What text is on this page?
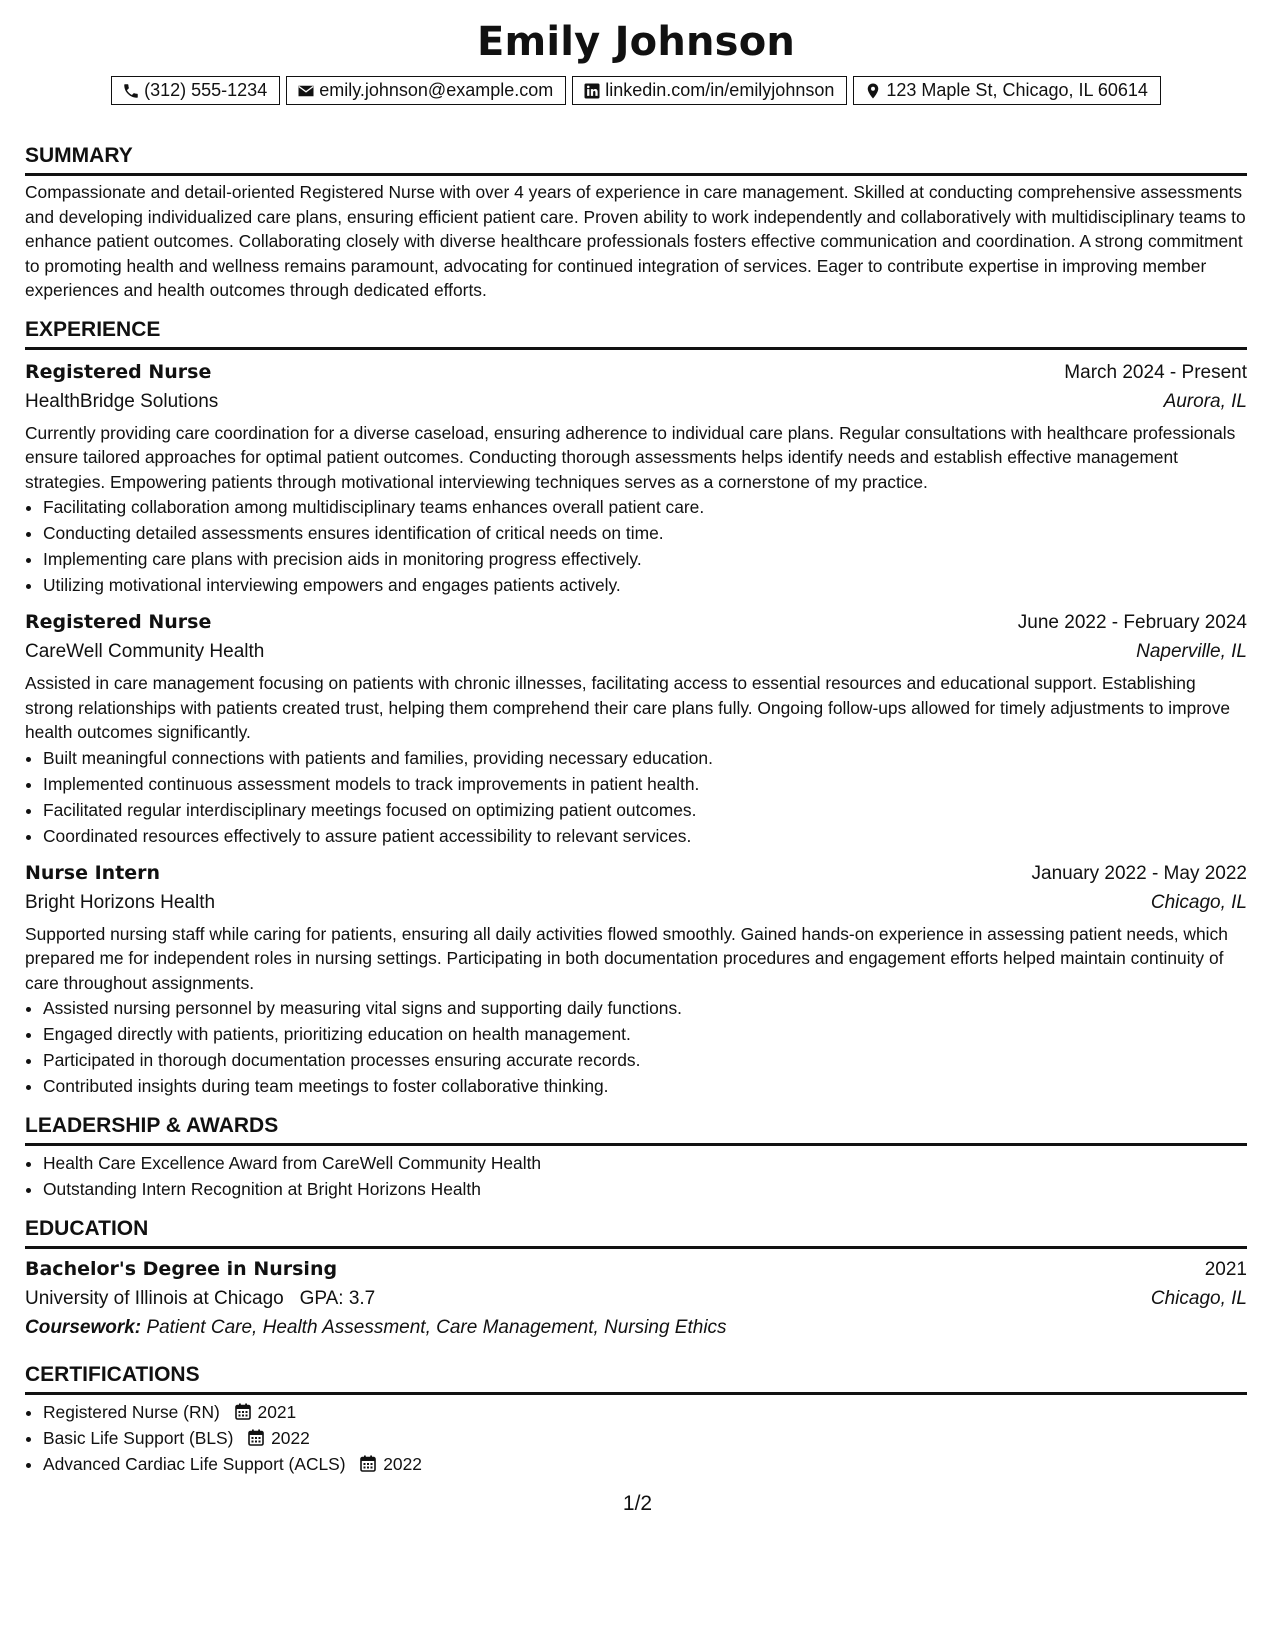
Emily Johnson
(312) 555-1234	emily.johnson@example.com	linkedin.com/in/emilyjohnson	123 Maple St, Chicago, IL 60614
SUMMARY

Compassionate and detail-oriented Registered Nurse with over 4 years of experience in care management. Skilled at conducting comprehensive assessments and developing individualized care plans, ensuring efficient patient care. Proven ability to work independently and collaboratively with multidisciplinary teams to enhance patient outcomes. Collaborating closely with diverse healthcare professionals fosters effective communication and coordination. A strong commitment to promoting health and wellness remains paramount, advocating for continued integration of services. Eager to contribute expertise in improving member experiences and health outcomes through dedicated efforts.

EXPERIENCE
Registered Nurse	March 2024 - Present
HealthBridge Solutions	Aurora, IL

Currently providing care coordination for a diverse caseload, ensuring adherence to individual care plans. Regular consultations with healthcare professionals ensure tailored approaches for optimal patient outcomes. Conducting thorough assessments helps identify needs and establish effective management strategies. Empowering patients through motivational interviewing techniques serves as a cornerstone of my practice.

• Facilitating collaboration among multidisciplinary teams enhances overall patient care.
• Conducting detailed assessments ensures identification of critical needs on time.
• Implementing care plans with precision aids in monitoring progress effectively.
• Utilizing motivational interviewing empowers and engages patients actively.
Registered Nurse	June 2022 - February 2024
CareWell Community Health	Naperville, IL

Assisted in care management focusing on patients with chronic illnesses, facilitating access to essential resources and educational support. Establishing strong relationships with patients created trust, helping them comprehend their care plans fully. Ongoing follow-ups allowed for timely adjustments to improve health outcomes significantly.

• Built meaningful connections with patients and families, providing necessary education.
• Implemented continuous assessment models to track improvements in patient health.
• Facilitated regular interdisciplinary meetings focused on optimizing patient outcomes.
• Coordinated resources effectively to assure patient accessibility to relevant services.
Nurse Intern	January 2022 - May 2022
Bright Horizons Health	Chicago, IL

Supported nursing staff while caring for patients, ensuring all daily activities flowed smoothly. Gained hands-on experience in assessing patient needs, which prepared me for independent roles in nursing settings. Participating in both documentation procedures and engagement efforts helped maintain continuity of care throughout assignments.

• Assisted nursing personnel by measuring vital signs and supporting daily functions.
• Engaged directly with patients, prioritizing education on health management.
• Participated in thorough documentation processes ensuring accurate records.
• Contributed insights during team meetings to foster collaborative thinking.
LEADERSHIP & AWARDS
• Health Care Excellence Award from CareWell Community Health
• Outstanding Intern Recognition at Bright Horizons Health
EDUCATION
Bachelor's Degree in Nursing	2021
University of Illinois at Chicago GPA: 3.7	Chicago, IL
Coursework: Patient Care, Health Assessment, Care Management, Nursing Ethics
CERTIFICATIONS
• Registered Nurse (RN) 2021
• Basic Life Support (BLS) 2022
• Advanced Cardiac Life Support (ACLS) 2022
1/2
